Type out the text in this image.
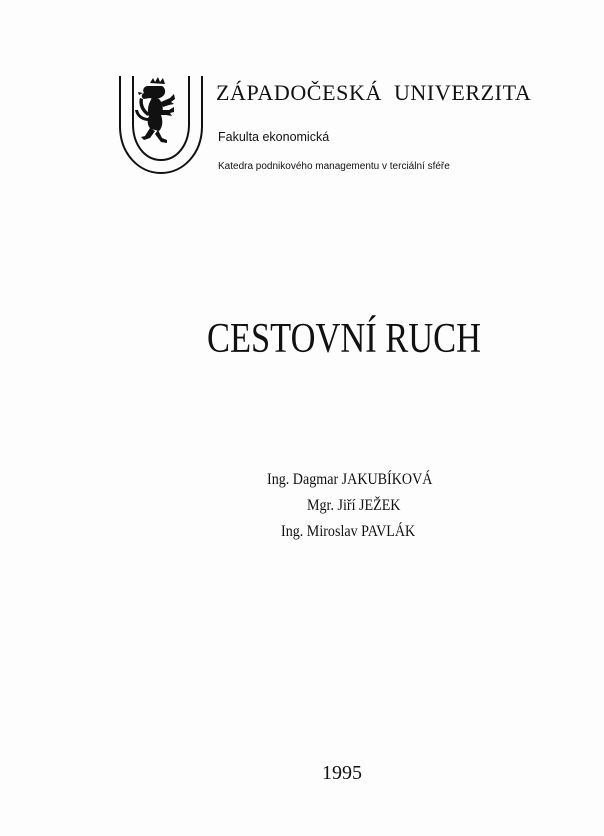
ZÁPADOČESKÁ UNIVERZITA
Fakulta ekonomická
Katedra podnikového managementu v terciální sféře
CESTOVNÍ RUCH
Ing. Dagmar JAKUBÍKOVÁ
Mgr. Jiří JEŽEK
Ing. Miroslav PAVLÁK
1995
